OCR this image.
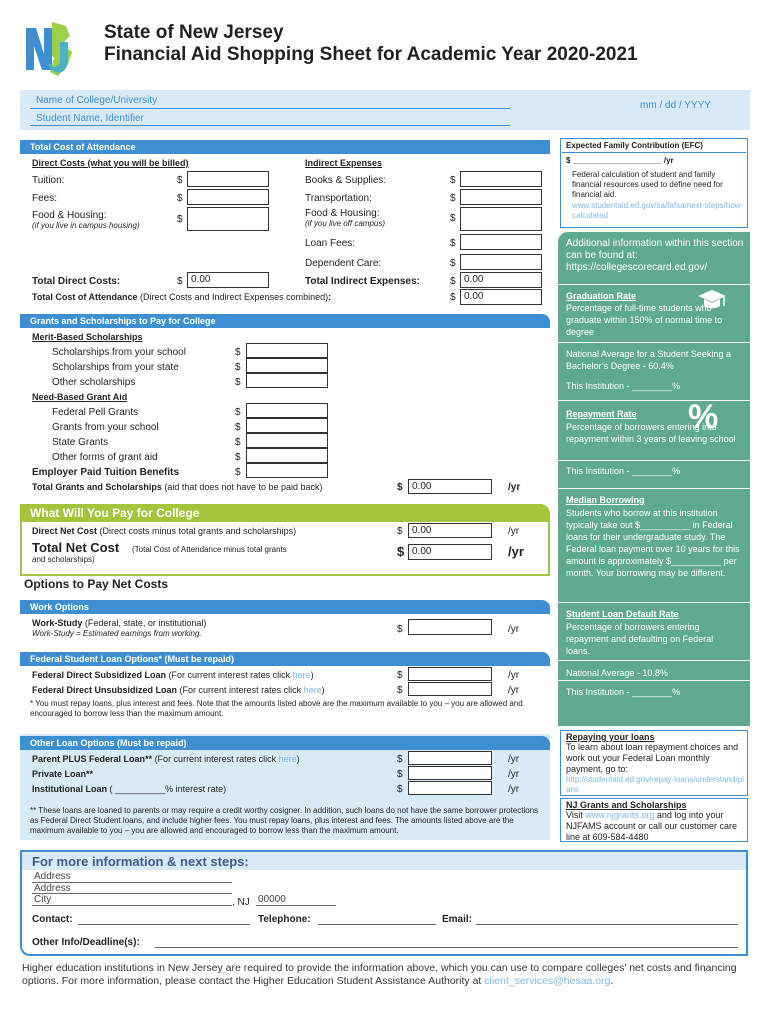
State of New Jersey
Financial Aid Shopping Sheet for Academic Year 2020-2021
Name of College/University
Student Name, Identifier
mm / dd / YYYY
Total Cost of Attendance
Direct Costs (what you will be billed)	Indirect Expenses
Tuition:	$
Fees:	$
Food & Housing:
(if you live in campus housing)
$
Books & Supplies:	$
Transportation:	$
Food & Housing:
(if you live off campus)	$
Loan Fees:	$
Dependent Care:	$
Total Direct Costs:	$ 0.00	Total Indirect Expenses:	$ 0.00
Total Cost of Attendance (Direct Costs and Indirect Expenses combined):	$ 0.00
Grants and Scholarships to Pay for College
Merit-Based Scholarships
Scholarships from your school	$
Scholarships from your state	$
Other scholarships	$
Need-Based Grant Aid
Federal Pell Grants	$
Grants from your school	$
State Grants	$
Other forms of grant aid	$
Employer Paid Tuition Benefits	$
Total Grants and Scholarships (aid that does not have to be paid back)	$ 0.00	/yr
What Will You Pay for College
Direct Net Cost (Direct costs minus total grants and scholarships)	$ 0.00	/yr
Total Net Cost (Total Cost of Attendance minus total grants
and scholarships)
$ 0.00	/yr
Options to Pay Net Costs
Work Options
Work-Study (Federal, state, or institutional)
Work-Study = Estimated earnings from working.	$	/yr
Federal Student Loan Options* (Must be repaid)
Federal Direct Subsidized Loan (For current interest rates click here)	$	/yr
Federal Direct Unsubsidized Loan (For current interest rates click here)	$	/yr
* You must repay loans, plus interest and fees. Note that the amounts listed above are the maximum available to you – you are allowed and encouraged to borrow less than the maximum amount.
Other Loan Options (Must be repaid)
Parent PLUS Federal Loan** (For current interest rates click here)	$	/yr
Private Loan**	$	/yr
Institutional Loan ( __________% interest rate)	$	/yr
** These loans are loaned to parents or may require a credit worthy cosigner. In addition, such loans do not have the same borrower protections as Federal Direct Student loans, and include higher fees. You must repay loans, plus interest and fees. The amounts listed above are the maximum available to you – you are allowed and encouraged to borrow less than the maximum amount.
For more information & next steps:
Address
Address
City	, NJ 00000
Contact:	Telephone:	Email:
Other Info/Deadline(s):
Higher education institutions in New Jersey are required to provide the information above, which you can use to compare colleges’ net costs and financing options. For more information, please contact the Higher Education Student Assistance Authority at client_services@hesaa.org.
Expected Family Contribution (EFC)
$ ____________________ /yr
Federal calculation of student and family financial resources used to define need for financial aid.
www.studentaid.ed.gov/sa/fafsa/next-steps/how-calculated
Additional information within this section can be found at: https://collegescorecard.ed.gov/
Graduation Rate
Percentage of full-time students who graduate within 150% of normal time to degree
National Average for a Student Seeking a Bachelor’s Degree - 60.4%
This Institution - ________%
Repayment Rate %
Percentage of borrowers entering into repayment within 3 years of leaving school
This Institution - ________%
Median Borrowing
Students who borrow at this institution typically take out $__________ in Federal loans for their undergraduate study. The Federal loan payment over 10 years for this amount is approximately $__________ per month. Your borrowing may be different.
Student Loan Default Rate
Percentage of borrowers entering repayment and defaulting on Federal loans.
National Average - 10.8%
This Institution - ________%
Repaying your loans
To learn about loan repayment choices and work out your Federal Loan monthly payment, go to:
http://studentaid.ed.gov/repay-loans/understand/plans
NJ Grants and Scholarships
Visit www.njgrants.org and log into your NJFAMS account or call our customer care line at 609-584-4480
